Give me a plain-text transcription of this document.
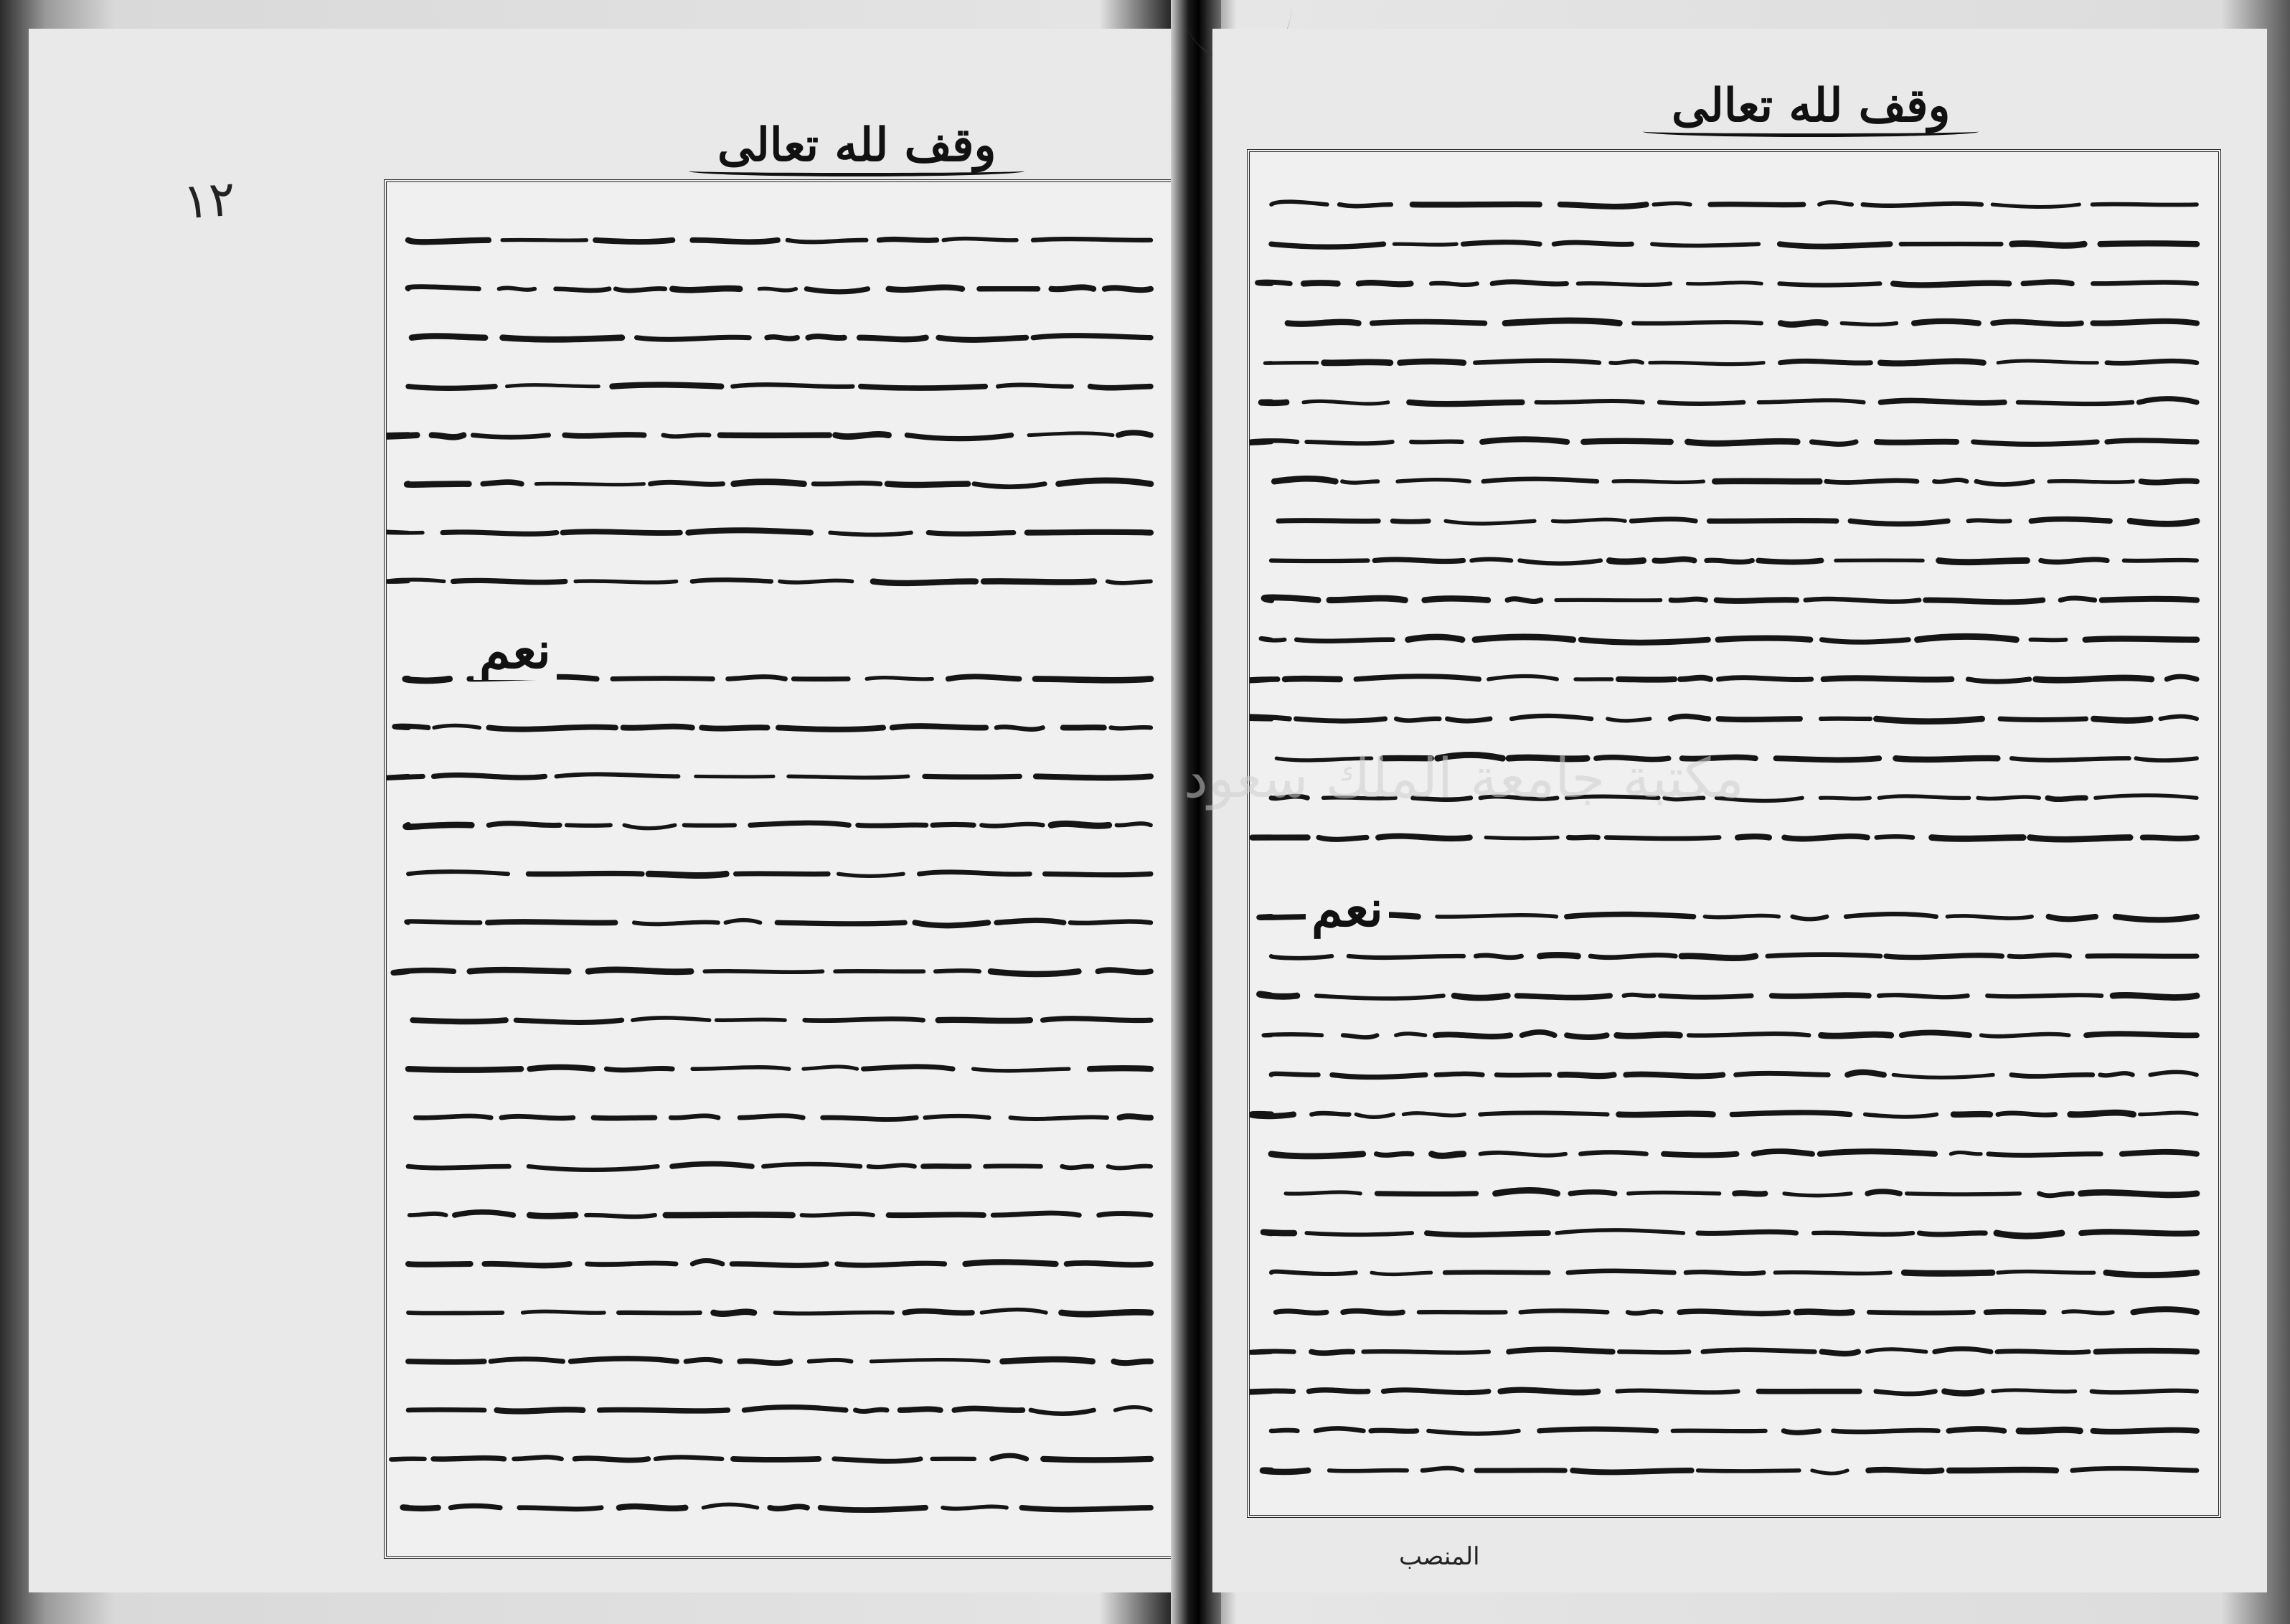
١٢
وقف لله تعالى
نعم
وقف لله تعالى
نعم
المنصب
مكتبة جامعة الملك سعود
